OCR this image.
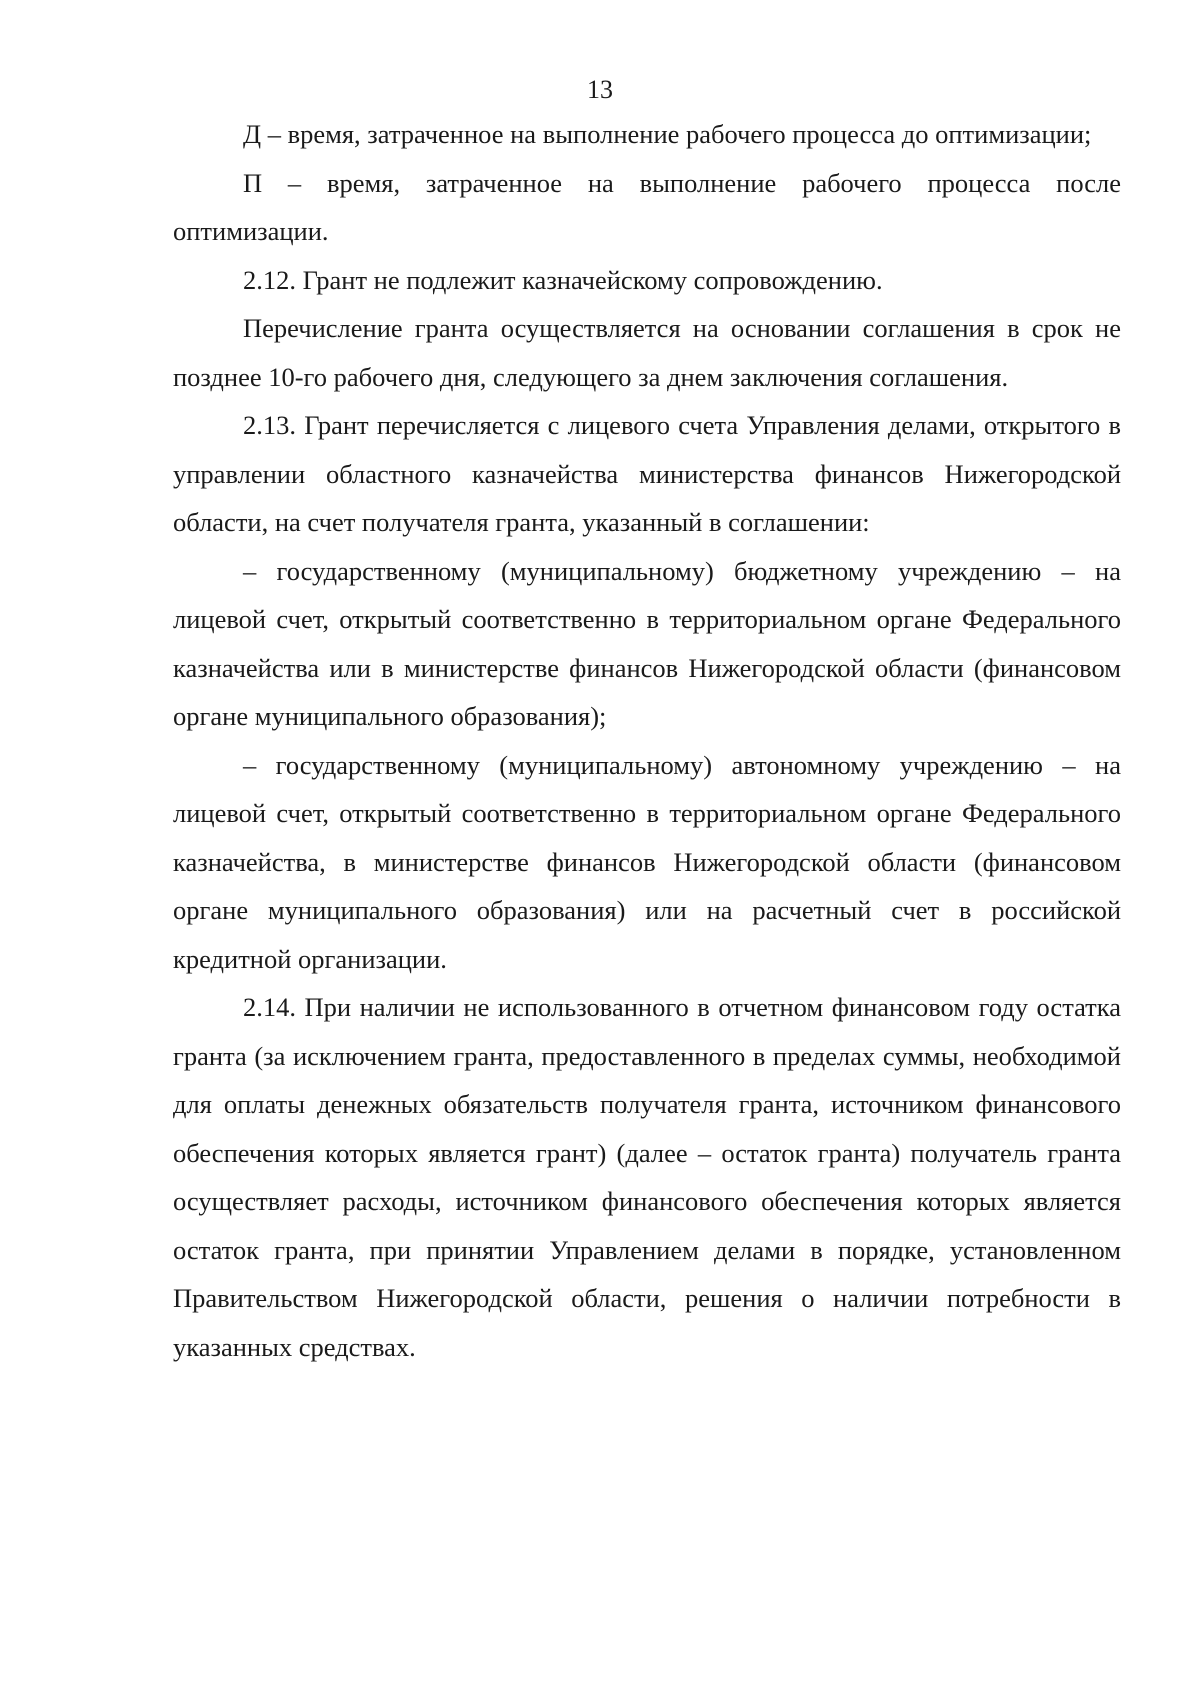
13

Д – время, затраченное на выполнение рабочего процесса до оптимизации;

П – время, затраченное на выполнение рабочего процесса после оптимизации.

2.12. Грант не подлежит казначейскому сопровождению.

Перечисление гранта осуществляется на основании соглашения в срок не позднее 10-го рабочего дня, следующего за днем заключения соглашения.

2.13. Грант перечисляется с лицевого счета Управления делами, открытого в управлении областного казначейства министерства финансов Нижегородской области, на счет получателя гранта, указанный в соглашении:

– государственному (муниципальному) бюджетному учреждению – на лицевой счет, открытый соответственно в территориальном органе Федерального казначейства или в министерстве финансов Нижегородской области (финансовом органе муниципального образования);

– государственному (муниципальному) автономному учреждению – на лицевой счет, открытый соответственно в территориальном органе Федерального казначейства, в министерстве финансов Нижегородской области (финансовом органе муниципального образования) или на расчетный счет в российской кредитной организации.

2.14. При наличии не использованного в отчетном финансовом году остатка гранта (за исключением гранта, предоставленного в пределах суммы, необходимой для оплаты денежных обязательств получателя гранта, источником финансового обеспечения которых является грант) (далее – остаток гранта) получатель гранта осуществляет расходы, источником финансового обеспечения которых является остаток гранта, при принятии Управлением делами в порядке, установленном Правительством Нижегородской области, решения о наличии потребности в указанных средствах.
